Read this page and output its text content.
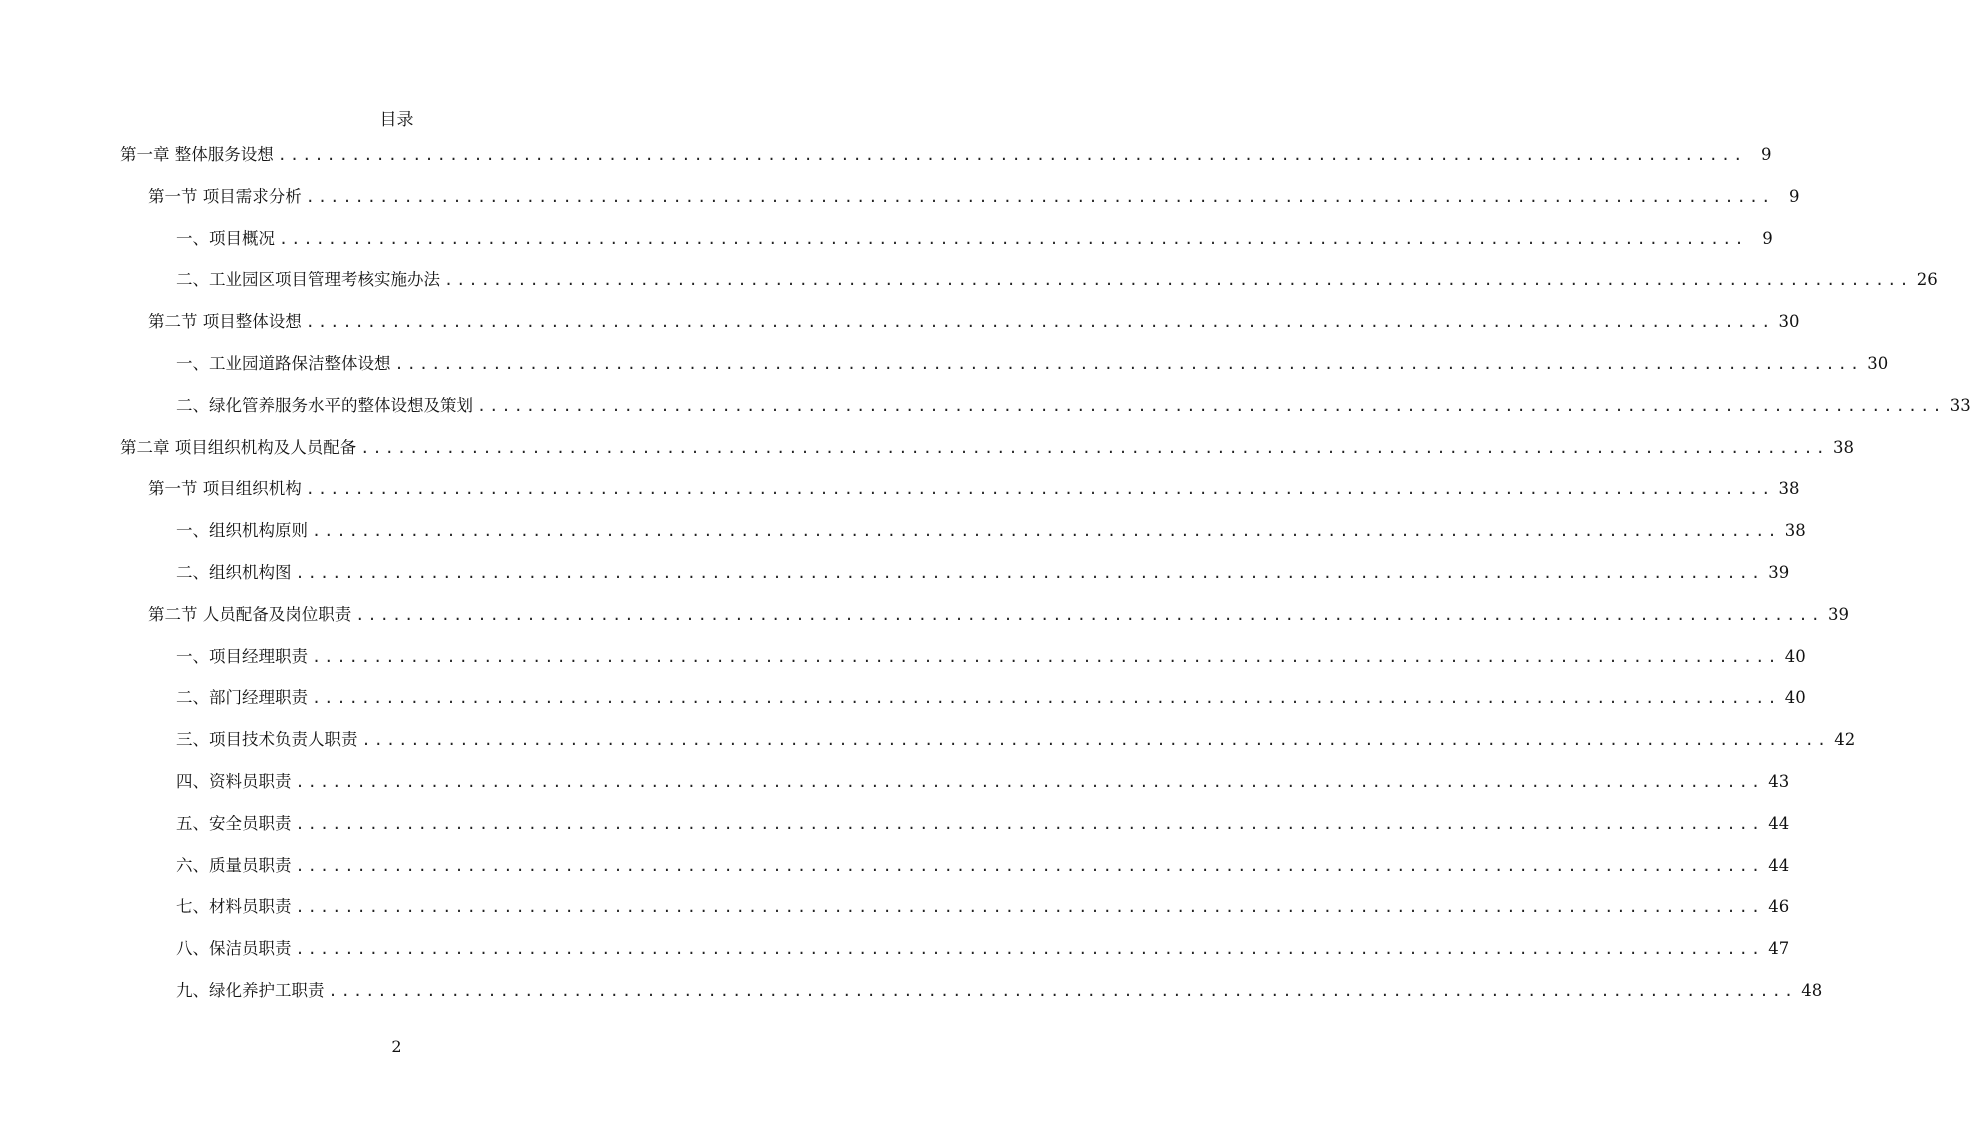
目录
第一章 整体服务设想 ........................................................................................................................ 9
第一节 项目需求分析 ........................................................................................................................ 9
一、项目概况 ........................................................................................................................ 9
二、工业园区项目管理考核实施办法 ........................................................................................................................ 26
第二节 项目整体设想 ........................................................................................................................ 30
一、工业园道路保洁整体设想 ........................................................................................................................ 30
二、绿化管养服务水平的整体设想及策划 ........................................................................................................................ 33
第二章 项目组织机构及人员配备 ........................................................................................................................ 38
第一节 项目组织机构 ........................................................................................................................ 38
一、组织机构原则 ........................................................................................................................ 38
二、组织机构图 ........................................................................................................................ 39
第二节 人员配备及岗位职责 ........................................................................................................................ 39
一、项目经理职责 ........................................................................................................................ 40
二、部门经理职责 ........................................................................................................................ 40
三、项目技术负责人职责 ........................................................................................................................ 42
四、资料员职责 ........................................................................................................................ 43
五、安全员职责 ........................................................................................................................ 44
六、质量员职责 ........................................................................................................................ 44
七、材料员职责 ........................................................................................................................ 46
八、保洁员职责 ........................................................................................................................ 47
九、绿化养护工职责 ........................................................................................................................ 48
2
